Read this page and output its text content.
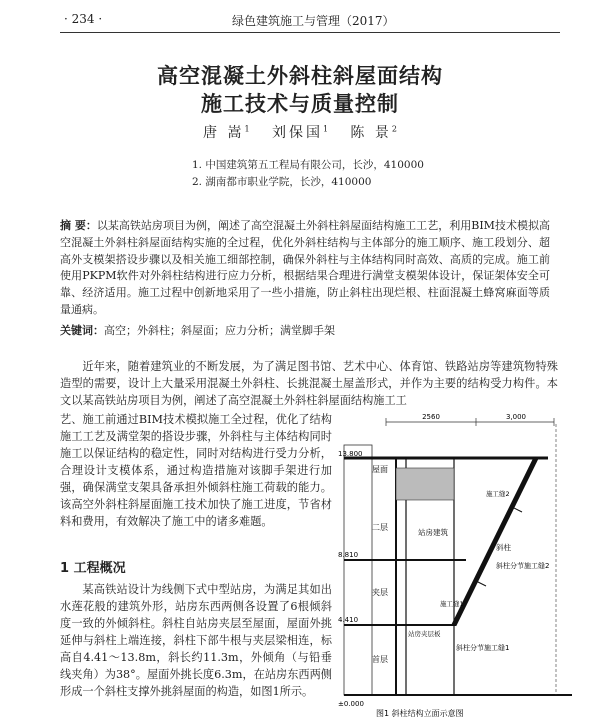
· 234 ·	绿色建筑施工与管理（2017）
高空混凝土外斜柱斜屋面结构
施工技术与质量控制
唐 嵩$^1$ 刘保国$^1$ 陈 景$^2$
1. 中国建筑第五工程局有限公司，长沙，410000
2. 湖南都市职业学院，长沙，410000
摘 要：以某高铁站房项目为例，阐述了高空混凝土外斜柱斜屋面结构施工工艺，利用BIM技术模拟高空混凝土外斜柱斜屋面结构实施的全过程，优化外斜柱结构与主体部分的施工顺序、施工段划分、超高外支模架搭设步骤以及相关施工细部控制，确保外斜柱与主体结构同时高效、高质的完成。施工前使用PKPM软件对外斜柱结构进行应力分析，根据结果合理进行满堂支模架体设计，保证架体安全可靠、经济适用。施工过程中创新地采用了一些小措施，防止斜柱出现烂根、柱面混凝土蜂窝麻面等质量通病。
关键词：高空；外斜柱；斜屋面；应力分析；满堂脚手架
近年来，随着建筑业的不断发展，为了满足图书馆、艺术中心、体育馆、铁路站房等建筑物特殊造型的需要，设计上大量采用混凝土外斜柱、长挑混凝土屋盖形式，并作为主要的结构受力构件。本文以某高铁站房项目为例，阐述了高空混凝土外斜柱斜屋面结构施工工
艺、施工前通过BIM技术模拟施工全过程，优化了结构施工工艺及满堂架的搭设步骤，外斜柱与主体结构同时施工以保证结构的稳定性，同时对结构进行受力分析，合理设计支模体系，通过构造措施对该脚手架进行加强，确保满堂支架具备承担外倾斜柱施工荷载的能力。该高空外斜柱斜屋面施工技术加快了施工进度，节省材料和费用，有效解决了施工中的诸多难题。
1 工程概况
某高铁站设计为线侧下式中型站房，为满足其如出水莲花般的建筑外形，站房东西两侧各设置了6根倾斜度一致的外倾斜柱。斜柱自站房夹层至屋面，屋面外挑延伸与斜柱上端连接，斜柱下部牛根与夹层梁相连，标高自4.41～13.8m，斜长约11.3m，外倾角（与铅垂线夹角）为38°。屋面外挑长度6.3m，在站房东西两侧形成一个斜柱支撑外挑斜屋面的构造，如图1所示。
2560	3,000
13.800
8.810
4.410
±0.000
屋面
二层
夹层
首层
站房建筑
斜柱
斜柱分节施工缝2
斜柱分节施工缝1
施工缝2
施工缝1
站房夹层板
图1 斜柱结构立面示意图
